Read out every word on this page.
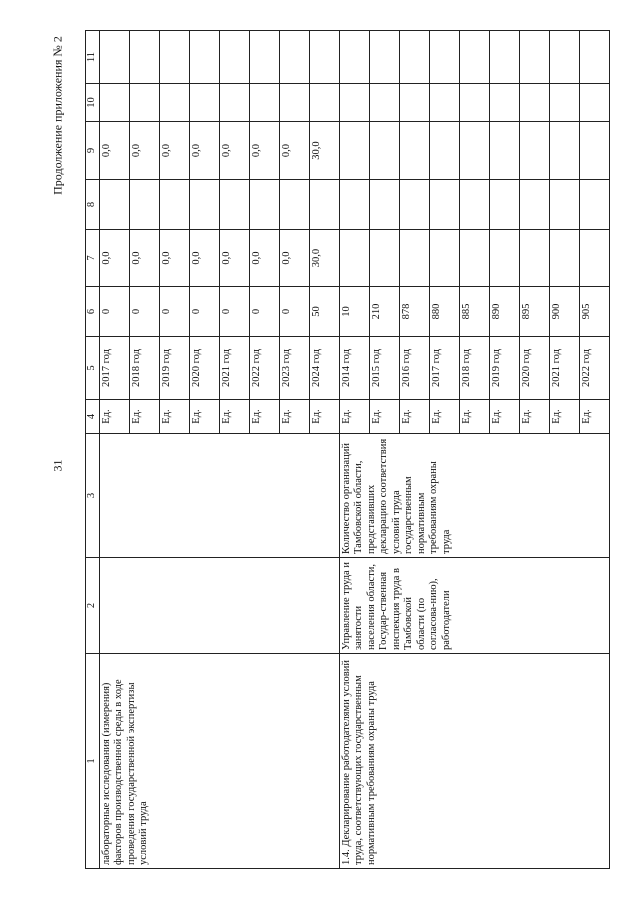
31
Продолжение приложения № 2
1	2	3	4	5	6	7	8	9	10	11
лабораторные исследования (измерения) факторов производственной среды в ходе проведения государственной экспертизы условий труда			Ед.	2017 год	0	0,0		0,0		
			Ед.	2018 год	0	0,0		0,0		
			Ед.	2019 год	0	0,0		0,0		
			Ед.	2020 год	0	0,0		0,0		
			Ед.	2021 год	0	0,0		0,0		
			Ед.	2022 год	0	0,0		0,0		
			Ед.	2023 год	0	0,0		0,0		
			Ед.	2024 год	50	30,0		30,0		
1.4. Декларирование работодателями условий труда, соответствующих государственным нормативным требованиям охраны труда	Управление труда и занятости населения области, Государ-ственная инспекция труда в Тамбовской области (по согласова-нию), работодатели	Количество организаций Тамбовской области, представивших декларацию соответствия условий труда государственным нормативным требованиям охраны труда	Ед.	2014 год	10					
			Ед.	2015 год	210					
			Ед.	2016 год	878					
			Ед.	2017 год	880					
			Ед.	2018 год	885					
			Ед.	2019 год	890					
			Ед.	2020 год	895					
			Ед.	2021 год	900					
			Ед.	2022 год	905					
